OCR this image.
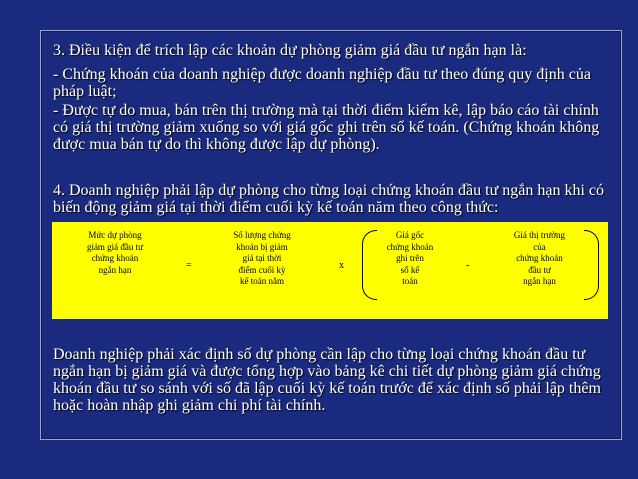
3. Điều kiện để trích lập các khoản dự phòng giảm giá đầu tư ngắn hạn là:
- Chứng khoán của doanh nghiệp được doanh nghiệp đầu tư theo đúng quy định của pháp luật;
- Được tự do mua, bán trên thị trường mà tại thời điểm kiểm kê, lập báo cáo tài chính có giá thị trường giảm xuống so với giá gốc ghi trên sổ kế toán. (Chứng khoán không được mua bán tự do thì không được lập dự phòng).
4. Doanh nghiệp phải lập dự phòng cho từng loại chứng khoán đầu tư ngắn hạn khi có biến động giảm giá tại thời điểm cuối kỳ kế toán năm theo công thức:
Mức dự phòng
giảm giá đầu tư
chứng khoán
ngắn hạn	=
Số lượng chứng
khoán bị giảm
giá tại thời
điểm cuối kỳ
kế toán năm
x
Giá gốc
chứng khoán
ghi trên
sổ kế
toán
-
Giá thị trường
của
chứng khoán
đầu tư
ngắn hạn
Doanh nghiệp phải xác định số dự phòng cần lập cho từng loại chứng khoán đầu tư ngắn hạn bị giảm giá và được tổng hợp vào bảng kê chi tiết dự phòng giảm giá chứng khoán đầu tư so sánh với số đã lập cuối kỳ kế toán trước để xác định số phải lập thêm hoặc hoàn nhập ghi giảm chi phí tài chính.
